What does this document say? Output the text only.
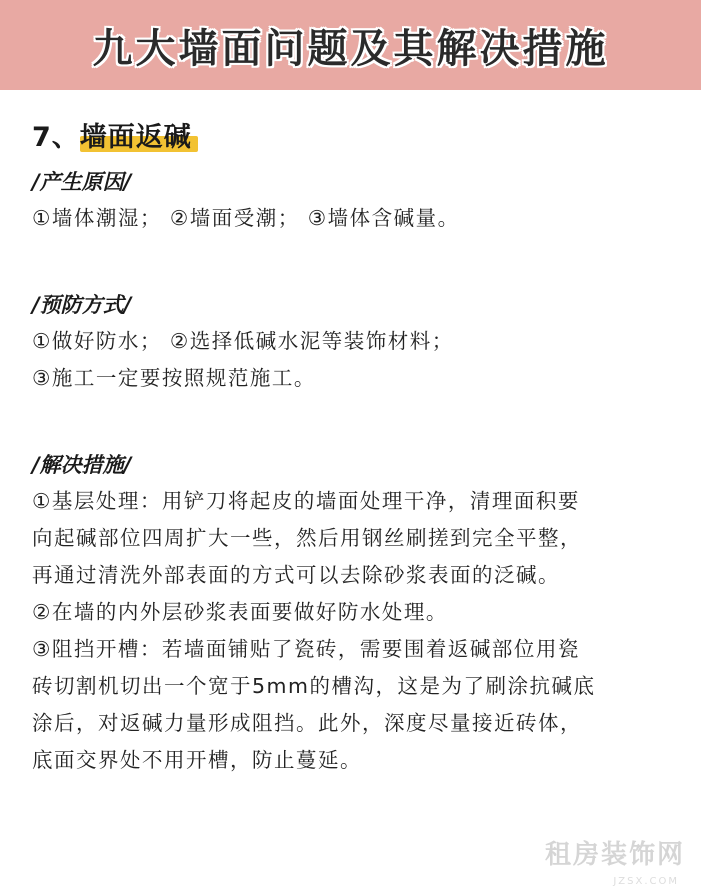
九大墙面问题及其解决措施
7、墙面返碱
/产生原因/
①墙体潮湿； ②墙面受潮； ③墙体含碱量。
/预防方式/
①做好防水； ②选择低碱水泥等装饰材料；
③施工一定要按照规范施工。
/解决措施/
①基层处理：用铲刀将起皮的墙面处理干净，清理面积要
向起碱部位四周扩大一些，然后用钢丝刷搓到完全平整，
再通过清洗外部表面的方式可以去除砂浆表面的泛碱。
②在墙的内外层砂浆表面要做好防水处理。
③阻挡开槽：若墙面铺贴了瓷砖，需要围着返碱部位用瓷
砖切割机切出一个宽于5mm的槽沟，这是为了刷涂抗碱底
涂后，对返碱力量形成阻挡。此外，深度尽量接近砖体，
底面交界处不用开槽，防止蔓延。
租房装饰网
JZSX.COM
